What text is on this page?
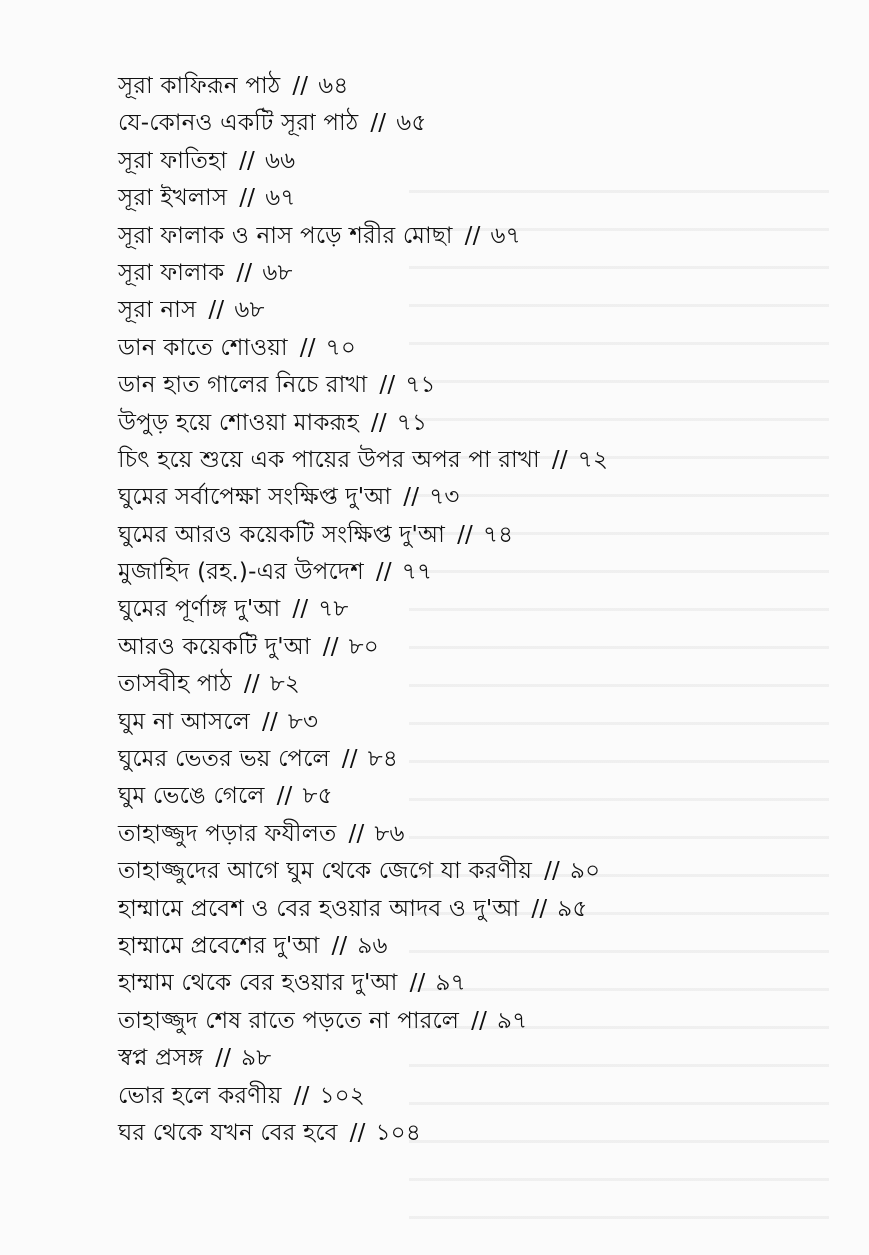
সূরা কাফিরূন পাঠ // ৬৪
যে-কোনও একটি সূরা পাঠ // ৬৫
সূরা ফাতিহা // ৬৬
সূরা ইখলাস // ৬৭
সূরা ফালাক ও নাস পড়ে শরীর মোছা // ৬৭
সূরা ফালাক // ৬৮
সূরা নাস // ৬৮
ডান কাতে শোওয়া // ৭০
ডান হাত গালের নিচে রাখা // ৭১
উপুড় হয়ে শোওয়া মাকরূহ // ৭১
চিৎ হয়ে শুয়ে এক পায়ের উপর অপর পা রাখা // ৭২
ঘুমের সর্বাপেক্ষা সংক্ষিপ্ত দু'আ // ৭৩
ঘুমের আরও কয়েকটি সংক্ষিপ্ত দু'আ // ৭৪
মুজাহিদ (রহ.)-এর উপদেশ // ৭৭
ঘুমের পূর্ণাঙ্গ দু'আ // ৭৮
আরও কয়েকটি দু'আ // ৮০
তাসবীহ পাঠ // ৮২
ঘুম না আসলে // ৮৩
ঘুমের ভেতর ভয় পেলে // ৮৪
ঘুম ভেঙে গেলে // ৮৫
তাহাজ্জুদ পড়ার ফযীলত // ৮৬
তাহাজ্জুদের আগে ঘুম থেকে জেগে যা করণীয় // ৯০
হাম্মামে প্রবেশ ও বের হওয়ার আদব ও দু'আ // ৯৫
হাম্মামে প্রবেশের দু'আ // ৯৬
হাম্মাম থেকে বের হওয়ার দু'আ // ৯৭
তাহাজ্জুদ শেষ রাতে পড়তে না পারলে // ৯৭
স্বপ্ন প্রসঙ্গ // ৯৮
ভোর হলে করণীয় // ১০২
ঘর থেকে যখন বের হবে // ১০৪
